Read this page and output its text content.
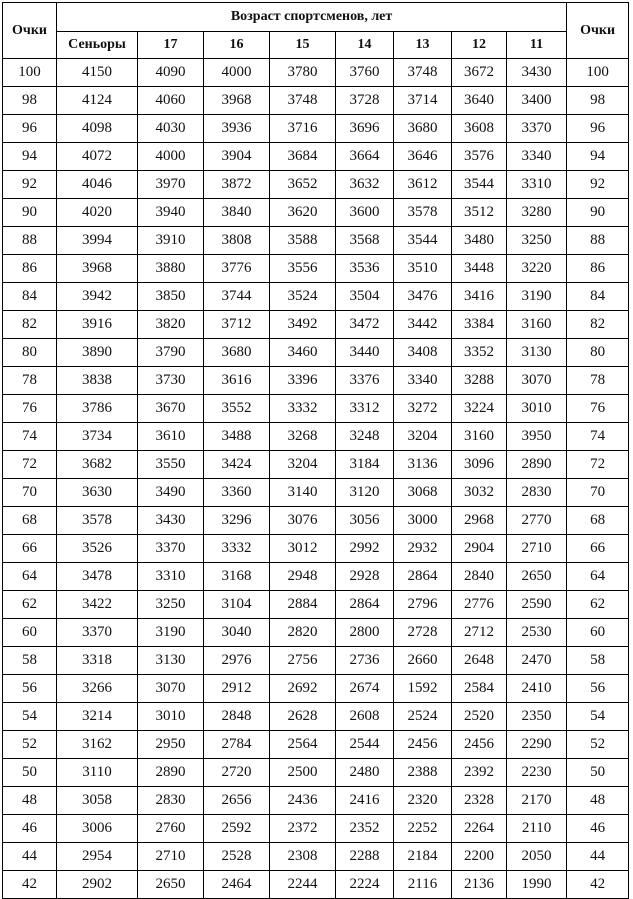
Очки	Возраст спортсменов, лет								Очки
	Сеньоры	17	16	15	14	13	12	11	
100	4150	4090	4000	3780	3760	3748	3672	3430	100
98	4124	4060	3968	3748	3728	3714	3640	3400	98
96	4098	4030	3936	3716	3696	3680	3608	3370	96
94	4072	4000	3904	3684	3664	3646	3576	3340	94
92	4046	3970	3872	3652	3632	3612	3544	3310	92
90	4020	3940	3840	3620	3600	3578	3512	3280	90
88	3994	3910	3808	3588	3568	3544	3480	3250	88
86	3968	3880	3776	3556	3536	3510	3448	3220	86
84	3942	3850	3744	3524	3504	3476	3416	3190	84
82	3916	3820	3712	3492	3472	3442	3384	3160	82
80	3890	3790	3680	3460	3440	3408	3352	3130	80
78	3838	3730	3616	3396	3376	3340	3288	3070	78
76	3786	3670	3552	3332	3312	3272	3224	3010	76
74	3734	3610	3488	3268	3248	3204	3160	3950	74
72	3682	3550	3424	3204	3184	3136	3096	2890	72
70	3630	3490	3360	3140	3120	3068	3032	2830	70
68	3578	3430	3296	3076	3056	3000	2968	2770	68
66	3526	3370	3332	3012	2992	2932	2904	2710	66
64	3478	3310	3168	2948	2928	2864	2840	2650	64
62	3422	3250	3104	2884	2864	2796	2776	2590	62
60	3370	3190	3040	2820	2800	2728	2712	2530	60
58	3318	3130	2976	2756	2736	2660	2648	2470	58
56	3266	3070	2912	2692	2674	1592	2584	2410	56
54	3214	3010	2848	2628	2608	2524	2520	2350	54
52	3162	2950	2784	2564	2544	2456	2456	2290	52
50	3110	2890	2720	2500	2480	2388	2392	2230	50
48	3058	2830	2656	2436	2416	2320	2328	2170	48
46	3006	2760	2592	2372	2352	2252	2264	2110	46
44	2954	2710	2528	2308	2288	2184	2200	2050	44
42	2902	2650	2464	2244	2224	2116	2136	1990	42
